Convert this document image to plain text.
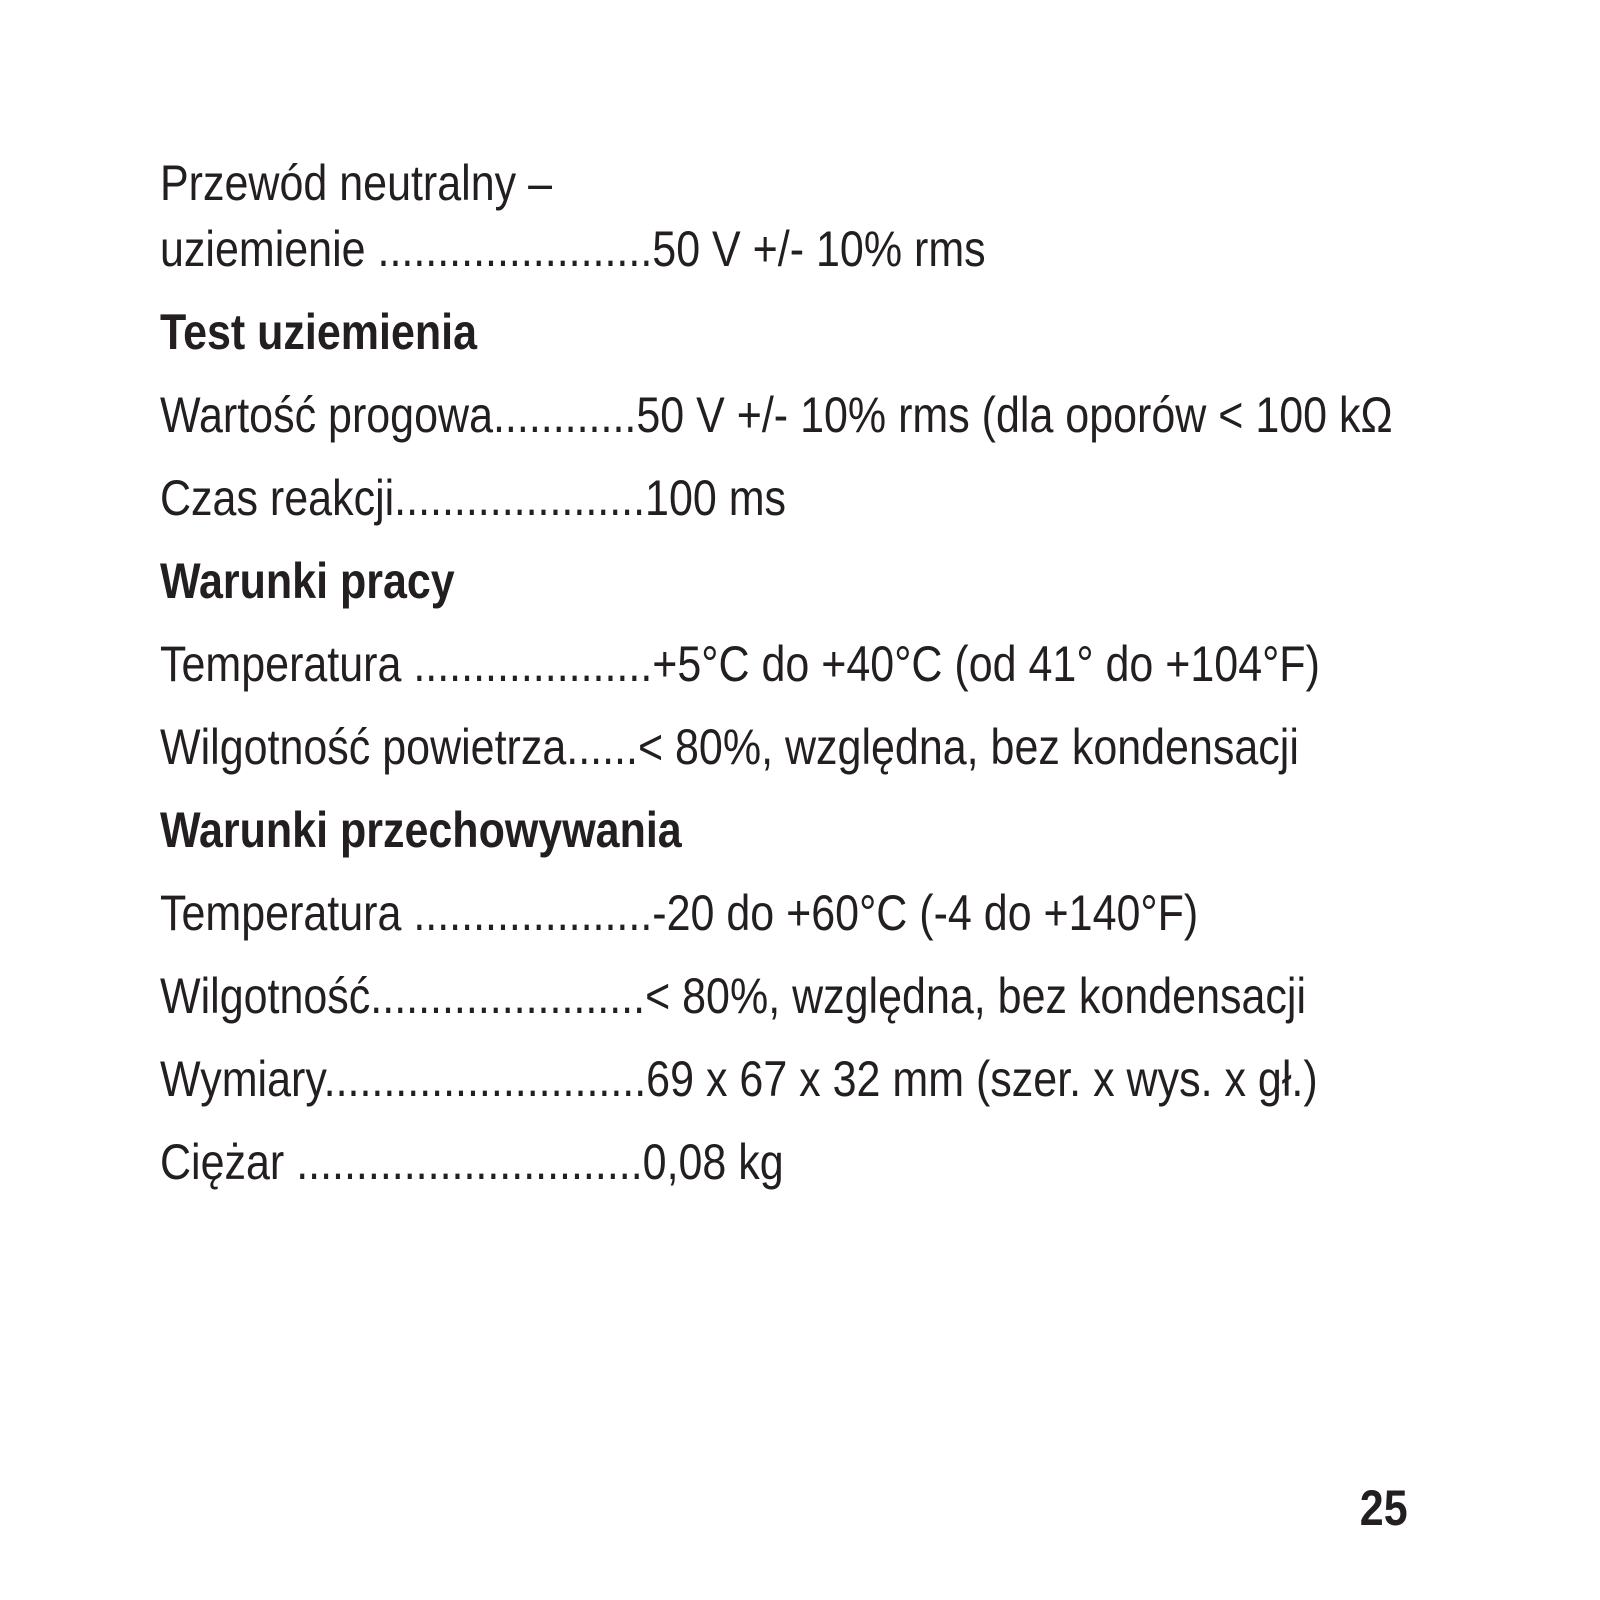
Przewód neutralny –
uziemienie .......................50 V +/- 10% rms
Test uziemienia
Wartość progowa............50 V +/- 10% rms (dla oporów < 100 kΩ
Czas reakcji.....................100 ms
Warunki pracy
Temperatura ....................+5°C do +40°C (od 41° do +104°F)
Wilgotność powietrza......< 80%, względna, bez kondensacji
Warunki przechowywania
Temperatura ....................-20 do +60°C (-4 do +140°F)
Wilgotność.......................< 80%, względna, bez kondensacji
Wymiary...........................69 x 67 x 32 mm (szer. x wys. x gł.)
Ciężar .............................0,08 kg
25
